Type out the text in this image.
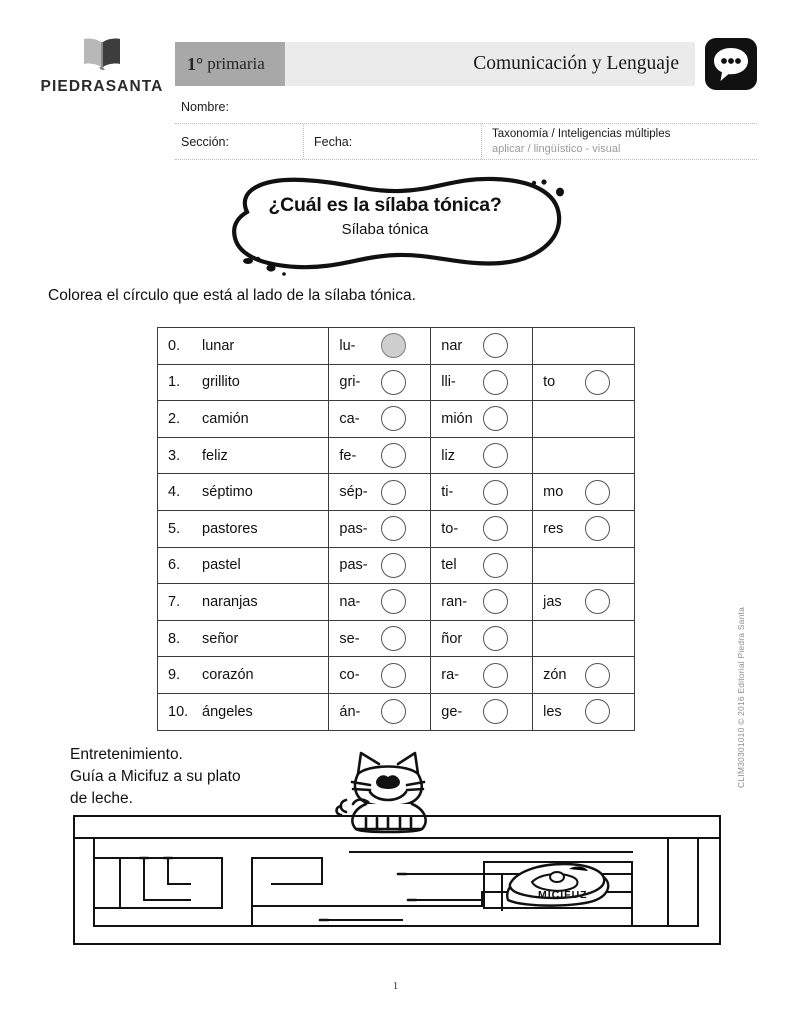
PIEDRASANTA
1° primaria	Comunicación y Lenguaje
Nombre:
Sección:	Fecha:
Taxonomía / Inteligencias múltiples
aplicar / lingüístico - visual
¿Cuál es la sílaba tónica?
Sílaba tónica
Colorea el círculo que está al lado de la sílaba tónica.
0. lunar	lu-	nar	

1. grillito	gri-	lli-	to

2. camión	ca-	mión	

3. feliz	fe-	liz	

4. séptimo	sép-	ti-	mo

5. pastores	pas-	to-	res

6. pastel	pas-	tel	

7. naranjas	na-	ran-	jas

8. señor	se-	ñor	

9. corazón	co-	ra-	zón

10. ángeles	án-	ge-	les
Entretenimiento.
Guía a Micifuz a su plato
de leche.
MICIFUZ
1
CLIM30301010 © 2016 Editorial Piedra Santa
